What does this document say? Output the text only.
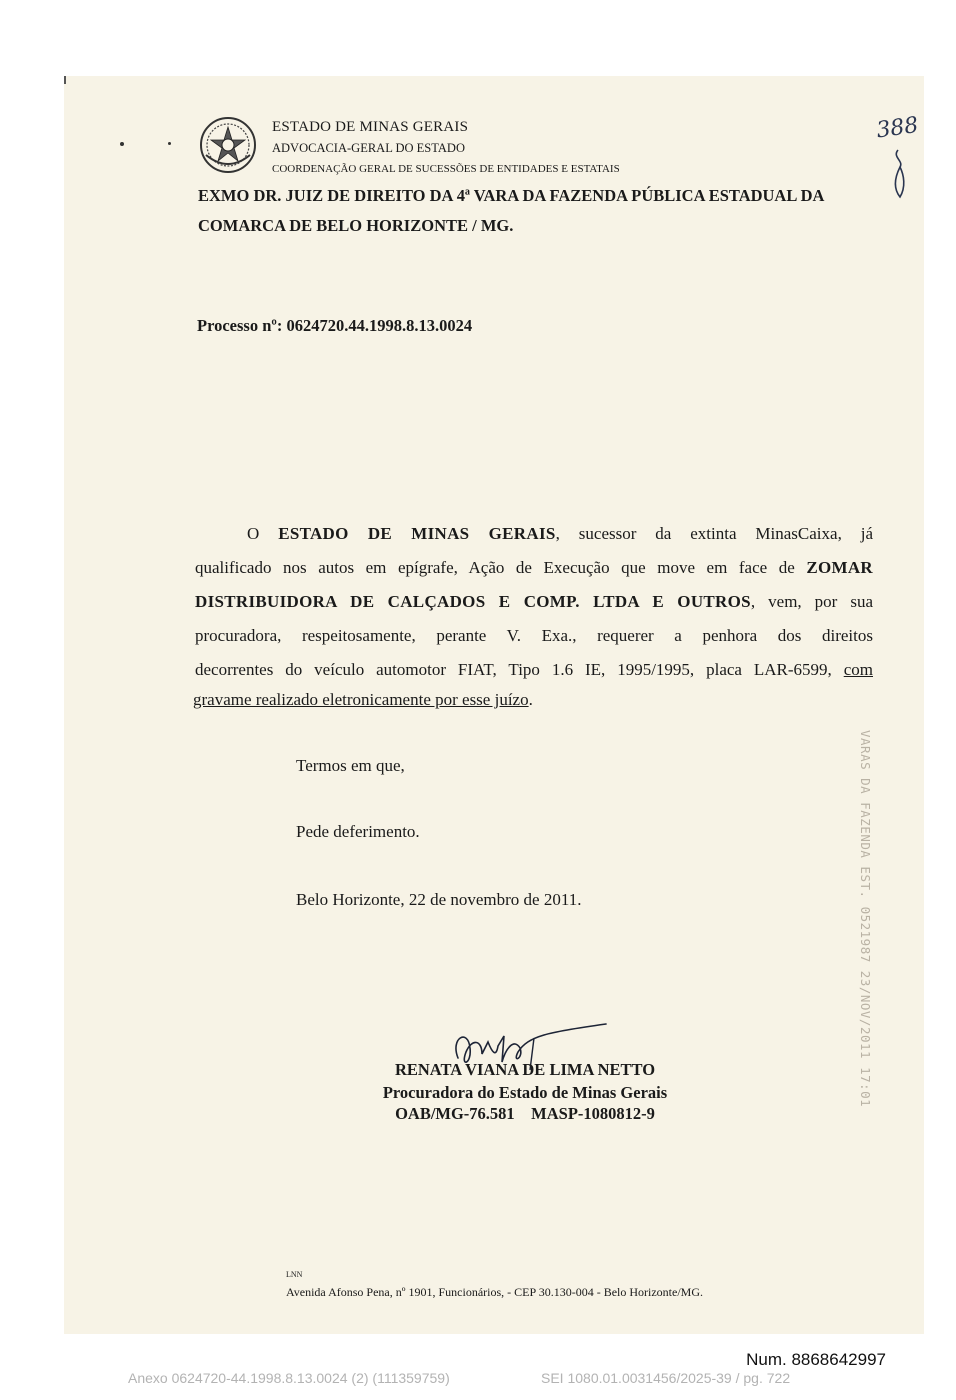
ESTADO DE MINAS GERAIS
ADVOCACIA-GERAL DO ESTADO
COORDENAÇÃO GERAL DE SUCESSÕES DE ENTIDADES E ESTATAIS
388
EXMO DR. JUIZ DE DIREITO DA 4ª VARA DA FAZENDA PÚBLICA ESTADUAL DA
COMARCA DE BELO HORIZONTE / MG.
Processo nº: 0624720.44.1998.8.13.0024
O ESTADO DE MINAS GERAIS, sucessor da extinta MinasCaixa, já
qualificado nos autos em epígrafe, Ação de Execução que move em face de ZOMAR
DISTRIBUIDORA DE CALÇADOS E COMP. LTDA E OUTROS, vem, por sua
procuradora, respeitosamente, perante V. Exa., requerer a penhora dos direitos
decorrentes do veículo automotor FIAT, Tipo 1.6 IE, 1995/1995, placa LAR-6599, com
gravame realizado eletronicamente por esse juízo.
Termos em que,
Pede deferimento.
Belo Horizonte, 22 de novembro de 2011.
RENATA VIANA DE LIMA NETTO
Procuradora do Estado de Minas Gerais
OAB/MG-76.581    MASP-1080812-9
VARAS DA FAZENDA EST. 0521987 23/NOV/2011 17:01
LNN
Avenida Afonso Pena, nº 1901, Funcionários, - CEP 30.130-004 - Belo Horizonte/MG.
Num. 8868642997
Anexo 0624720-44.1998.8.13.0024 (2) (111359759)	SEI 1080.01.0031456/2025-39 / pg. 722
